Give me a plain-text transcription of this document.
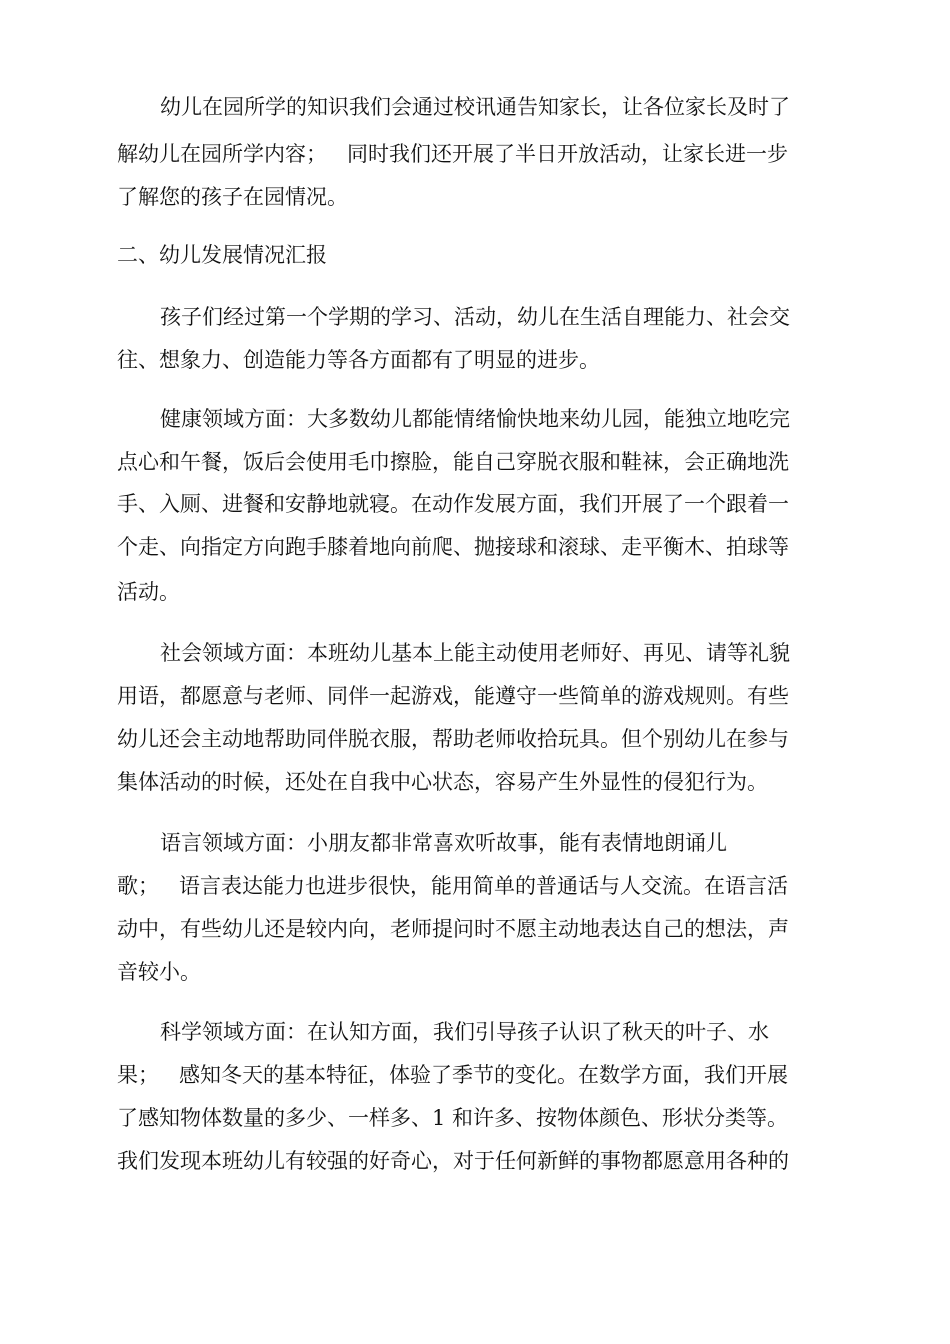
幼儿在园所学的知识我们会通过校讯通告知家长，让各位家长及时了
解幼儿在园所学内容；   同时我们还开展了半日开放活动，让家长进一步
了解您的孩子在园情况。
二、幼儿发展情况汇报
孩子们经过第一个学期的学习、活动，幼儿在生活自理能力、社会交
往、想象力、创造能力等各方面都有了明显的进步。
健康领域方面：大多数幼儿都能情绪愉快地来幼儿园，能独立地吃完
点心和午餐，饭后会使用毛巾擦脸，能自己穿脱衣服和鞋袜，会正确地洗
手、入厕、进餐和安静地就寝。在动作发展方面，我们开展了一个跟着一
个走、向指定方向跑手膝着地向前爬、抛接球和滚球、走平衡木、拍球等
活动。
社会领域方面：本班幼儿基本上能主动使用老师好、再见、请等礼貌
用语，都愿意与老师、同伴一起游戏，能遵守一些简单的游戏规则。有些
幼儿还会主动地帮助同伴脱衣服，帮助老师收拾玩具。但个别幼儿在参与
集体活动的时候，还处在自我中心状态，容易产生外显性的侵犯行为。
语言领域方面：小朋友都非常喜欢听故事，能有表情地朗诵儿
歌；   语言表达能力也进步很快，能用简单的普通话与人交流。在语言活
动中，有些幼儿还是较内向，老师提问时不愿主动地表达自己的想法，声
音较小。
科学领域方面：在认知方面，我们引导孩子认识了秋天的叶子、水
果；   感知冬天的基本特征，体验了季节的变化。在数学方面，我们开展
了感知物体数量的多少、一样多、1 和许多、按物体颜色、形状分类等。
我们发现本班幼儿有较强的好奇心，对于任何新鲜的事物都愿意用各种的
